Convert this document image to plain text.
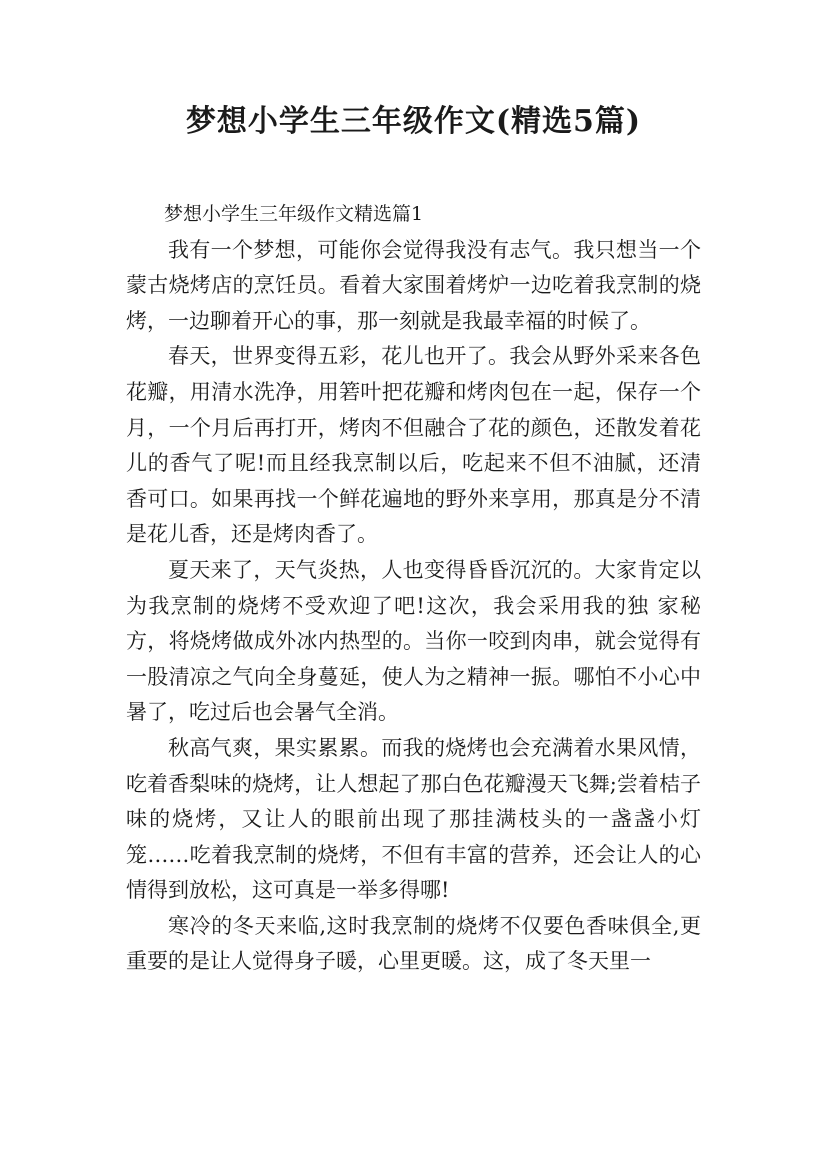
梦想小学生三年级作文(精选5篇)

梦想小学生三年级作文精选篇1

我有一个梦想，可能你会觉得我没有志气。我只想当一个蒙古烧烤店的烹饪员。看着大家围着烤炉一边吃着我烹制的烧烤，一边聊着开心的事，那一刻就是我最幸福的时候了。

春天，世界变得五彩，花儿也开了。我会从野外采来各色花瓣，用清水洗净，用箬叶把花瓣和烤肉包在一起，保存一个月，一个月后再打开，烤肉不但融合了花的颜色，还散发着花儿的香气了呢!而且经我烹制以后，吃起来不但不油腻，还清香可口。如果再找一个鲜花遍地的野外来享用，那真是分不清是花儿香，还是烤肉香了。

夏天来了，天气炎热，人也变得昏昏沉沉的。大家肯定以为我烹制的烧烤不受欢迎了吧!这次，我会采用我的独 家秘方，将烧烤做成外冰内热型的。当你一咬到肉串，就会觉得有一股清凉之气向全身蔓延，使人为之精神一振。哪怕不小心中暑了，吃过后也会暑气全消。

秋高气爽，果实累累。而我的烧烤也会充满着水果风情，吃着香梨味的烧烤，让人想起了那白色花瓣漫天飞舞;尝着桔子味的烧烤，又让人的眼前出现了那挂满枝头的一盏盏小灯笼……吃着我烹制的烧烤，不但有丰富的营养，还会让人的心情得到放松，这可真是一举多得哪!

寒冷的冬天来临,这时我烹制的烧烤不仅要色香味俱全,更重要的是让人觉得身子暖，心里更暖。这，成了冬天里一
